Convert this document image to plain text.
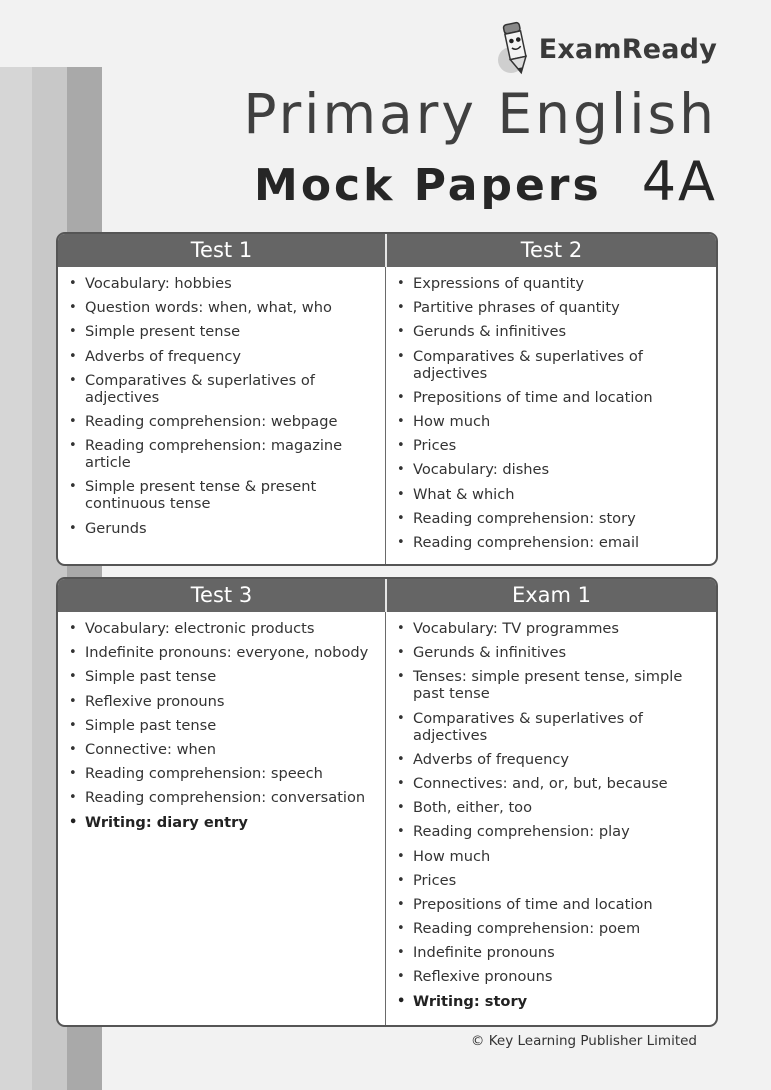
ExamReady
Primary English
Mock Papers 4A
Test 1	Test 2
• Vocabulary: hobbies
• Question words: when, what, who
• Simple present tense
• Adverbs of frequency
• Comparatives & superlatives of adjectives
• Reading comprehension: webpage
• Reading comprehension: magazine article
• Simple present tense & present continuous tense
• Gerunds
• Expressions of quantity
• Partitive phrases of quantity
• Gerunds & infinitives
• Comparatives & superlatives of adjectives
• Prepositions of time and location
• How much
• Prices
• Vocabulary: dishes
• What & which
• Reading comprehension: story
• Reading comprehension: email
Test 3	Exam 1
• Vocabulary: electronic products
• Indefinite pronouns: everyone, nobody
• Simple past tense
• Reflexive pronouns
• Simple past tense
• Connective: when
• Reading comprehension: speech
• Reading comprehension: conversation
• Writing: diary entry
• Vocabulary: TV programmes
• Gerunds & infinitives
• Tenses: simple present tense, simple past tense
• Comparatives & superlatives of adjectives
• Adverbs of frequency
• Connectives: and, or, but, because
• Both, either, too
• Reading comprehension: play
• How much
• Prices
• Prepositions of time and location
• Reading comprehension: poem
• Indefinite pronouns
• Reflexive pronouns
• Writing: story
© Key Learning Publisher Limited
